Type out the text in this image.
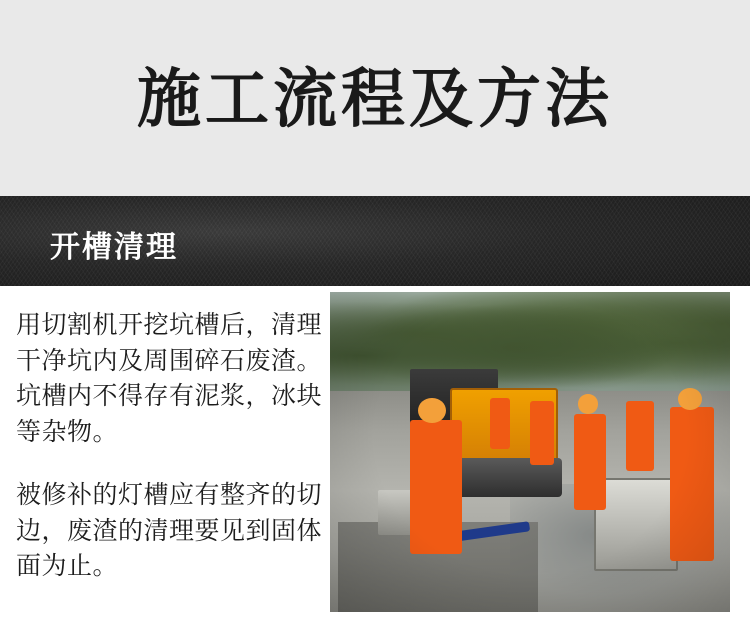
施工流程及方法
开槽清理
用切割机开挖坑槽后，清理干净坑内及周围碎石废渣。坑槽内不得存有泥浆，冰块等杂物。
被修补的灯槽应有整齐的切边，废渣的清理要见到固体面为止。
